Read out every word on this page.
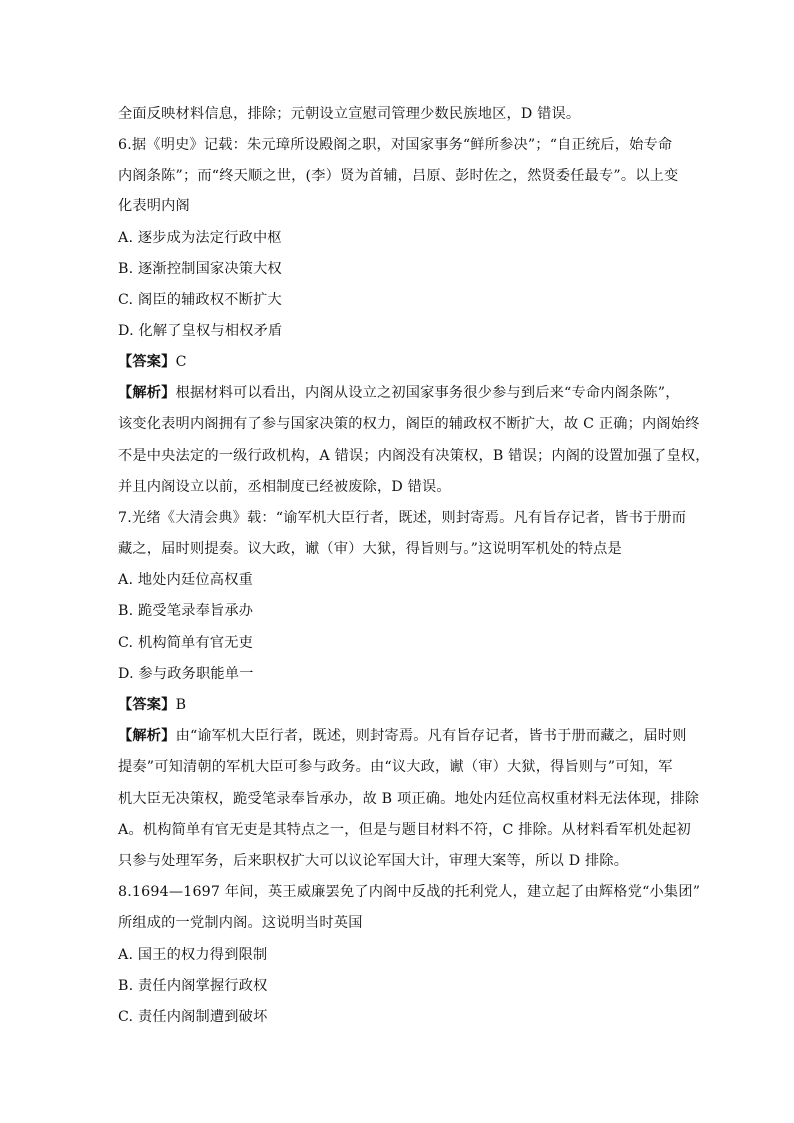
全面反映材料信息，排除；元朝设立宣慰司管理少数民族地区，D 错误。
6.据《明史》记载：朱元璋所设殿阁之职，对国家事务“鲜所参决”；“自正统后，始专命
内阁条陈”；而“终天顺之世，(李）贤为首辅，吕原、彭时佐之，然贤委任最专”。以上变
化表明内阁
A. 逐步成为法定行政中枢
B. 逐渐控制国家决策大权
C. 阁臣的辅政权不断扩大
D. 化解了皇权与相权矛盾
【答案】C
【解析】根据材料可以看出，内阁从设立之初国家事务很少参与到后来“专命内阁条陈”，
该变化表明内阁拥有了参与国家决策的权力，阁臣的辅政权不断扩大，故 C 正确；内阁始终
不是中央法定的一级行政机构，A 错误；内阁没有决策权，B 错误；内阁的设置加强了皇权，
并且内阁设立以前，丞相制度已经被废除，D 错误。
7.光绪《大清会典》载：“谕军机大臣行者，既述，则封寄焉。凡有旨存记者，皆书于册而
藏之，届时则提奏。议大政，谳（审）大狱，得旨则与。”这说明军机处的特点是
A. 地处内廷位高权重
B. 跪受笔录奉旨承办
C. 机构简单有官无吏
D. 参与政务职能单一
【答案】B
【解析】由“谕军机大臣行者，既述，则封寄焉。凡有旨存记者，皆书于册而藏之，届时则
提奏”可知清朝的军机大臣可参与政务。由“议大政，谳（审）大狱，得旨则与”可知，军
机大臣无决策权，跪受笔录奉旨承办，故 B 项正确。地处内廷位高权重材料无法体现，排除
A。机构简单有官无吏是其特点之一，但是与题目材料不符，C 排除。从材料看军机处起初
只参与处理军务，后来职权扩大可以议论军国大计，审理大案等，所以 D 排除。
8.1694—1697 年间，英王威廉罢免了内阁中反战的托利党人，建立起了由辉格党“小集团”
所组成的一党制内阁。这说明当时英国
A. 国王的权力得到限制
B. 责任内阁掌握行政权
C. 责任内阁制遭到破坏
